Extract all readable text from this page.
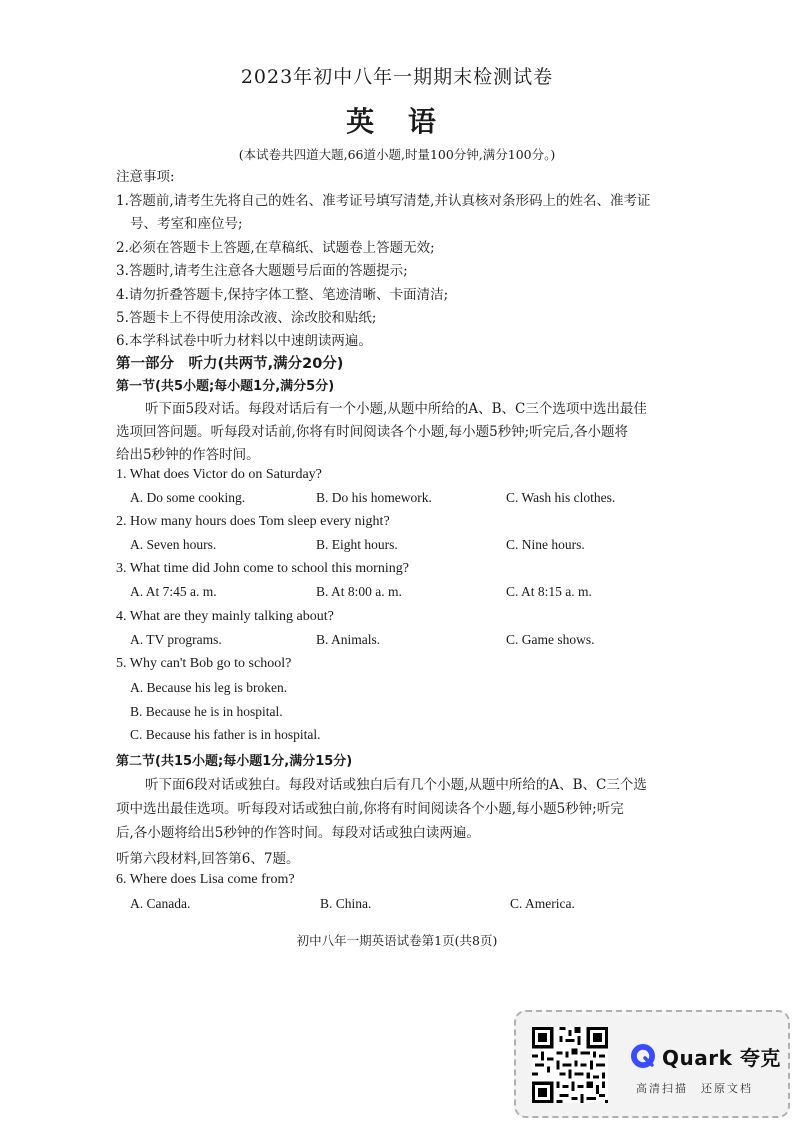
2023年初中八年一期期末检测试卷
英 语
(本试卷共四道大题,66道小题,时量100分钟,满分100分。)
注意事项:
1.答题前,请考生先将自己的姓名、准考证号填写清楚,并认真核对条形码上的姓名、准考证
号、考室和座位号;
2.必须在答题卡上答题,在草稿纸、试题卷上答题无效;
3.答题时,请考生注意各大题题号后面的答题提示;
4.请勿折叠答题卡,保持字体工整、笔迹清晰、卡面清洁;
5.答题卡上不得使用涂改液、涂改胶和贴纸;
6.本学科试卷中听力材料以中速朗读两遍。
第一部分　听力(共两节,满分20分)
第一节(共5小题;每小题1分,满分5分)
听下面5段对话。每段对话后有一个小题,从题中所给的A、B、C三个选项中选出最佳
选项回答问题。听每段对话前,你将有时间阅读各个小题,每小题5秒钟;听完后,各小题将
给出5秒钟的作答时间。
1. What does Victor do on Saturday?
A. Do some cooking.	B. Do his homework.	C. Wash his clothes.
2. How many hours does Tom sleep every night?
A. Seven hours.	B. Eight hours.	C. Nine hours.
3. What time did John come to school this morning?
A. At 7:45 a. m.	B. At 8:00 a. m.	C. At 8:15 a. m.
4. What are they mainly talking about?
A. TV programs.	B. Animals.	C. Game shows.
5. Why can't Bob go to school?
A. Because his leg is broken.
B. Because he is in hospital.
C. Because his father is in hospital.
第二节(共15小题;每小题1分,满分15分)
听下面6段对话或独白。每段对话或独白后有几个小题,从题中所给的A、B、C三个选
项中选出最佳选项。听每段对话或独白前,你将有时间阅读各个小题,每小题5秒钟;听完
后,各小题将给出5秒钟的作答时间。每段对话或独白读两遍。
听第六段材料,回答第6、7题。
6. Where does Lisa come from?
A. Canada.	B. China.	C. America.
初中八年一期英语试卷第1页(共8页)
Quark 夸克
高清扫描　还原文档
